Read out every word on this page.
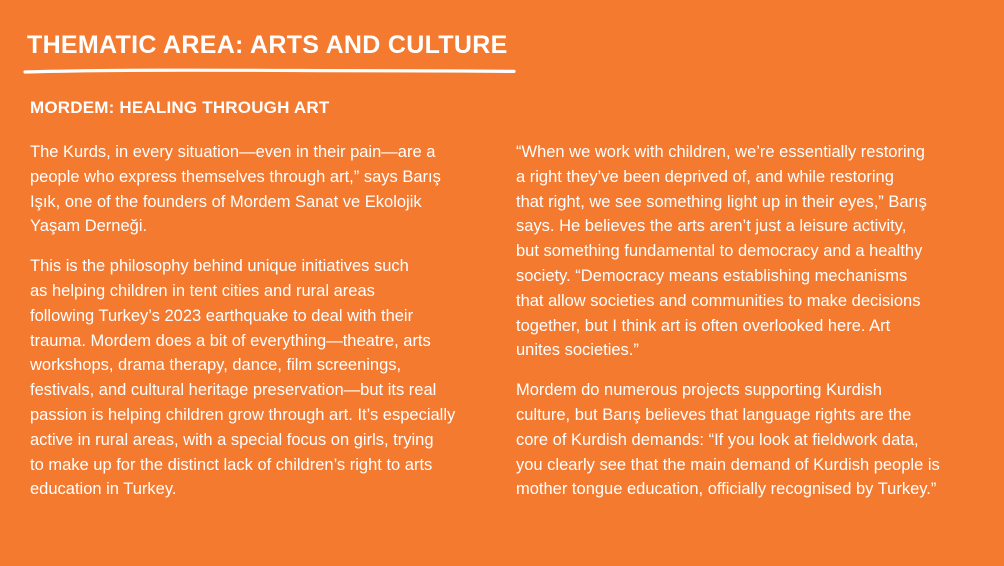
THEMATIC AREA: ARTS AND CULTURE
MORDEM: HEALING THROUGH ART

The Kurds, in every situation—even in their pain—are a
people who express themselves through art,” says Barış
Işık, one of the founders of Mordem Sanat ve Ekolojik
Yaşam Derneği.

This is the philosophy behind unique initiatives such
as helping children in tent cities and rural areas
following Turkey’s 2023 earthquake to deal with their
trauma. Mordem does a bit of everything—theatre, arts
workshops, drama therapy, dance, film screenings,
festivals, and cultural heritage preservation—but its real
passion is helping children grow through art. It’s especially
active in rural areas, with a special focus on girls, trying
to make up for the distinct lack of children’s right to arts
education in Turkey.

“When we work with children, we’re essentially restoring
a right they’ve been deprived of, and while restoring
that right, we see something light up in their eyes,” Barış
says. He believes the arts aren’t just a leisure activity,
but something fundamental to democracy and a healthy
society. “Democracy means establishing mechanisms
that allow societies and communities to make decisions
together, but I think art is often overlooked here. Art
unites societies.”

Mordem do numerous projects supporting Kurdish
culture, but Barış believes that language rights are the
core of Kurdish demands: “If you look at fieldwork data,
you clearly see that the main demand of Kurdish people is
mother tongue education, officially recognised by Turkey.”
